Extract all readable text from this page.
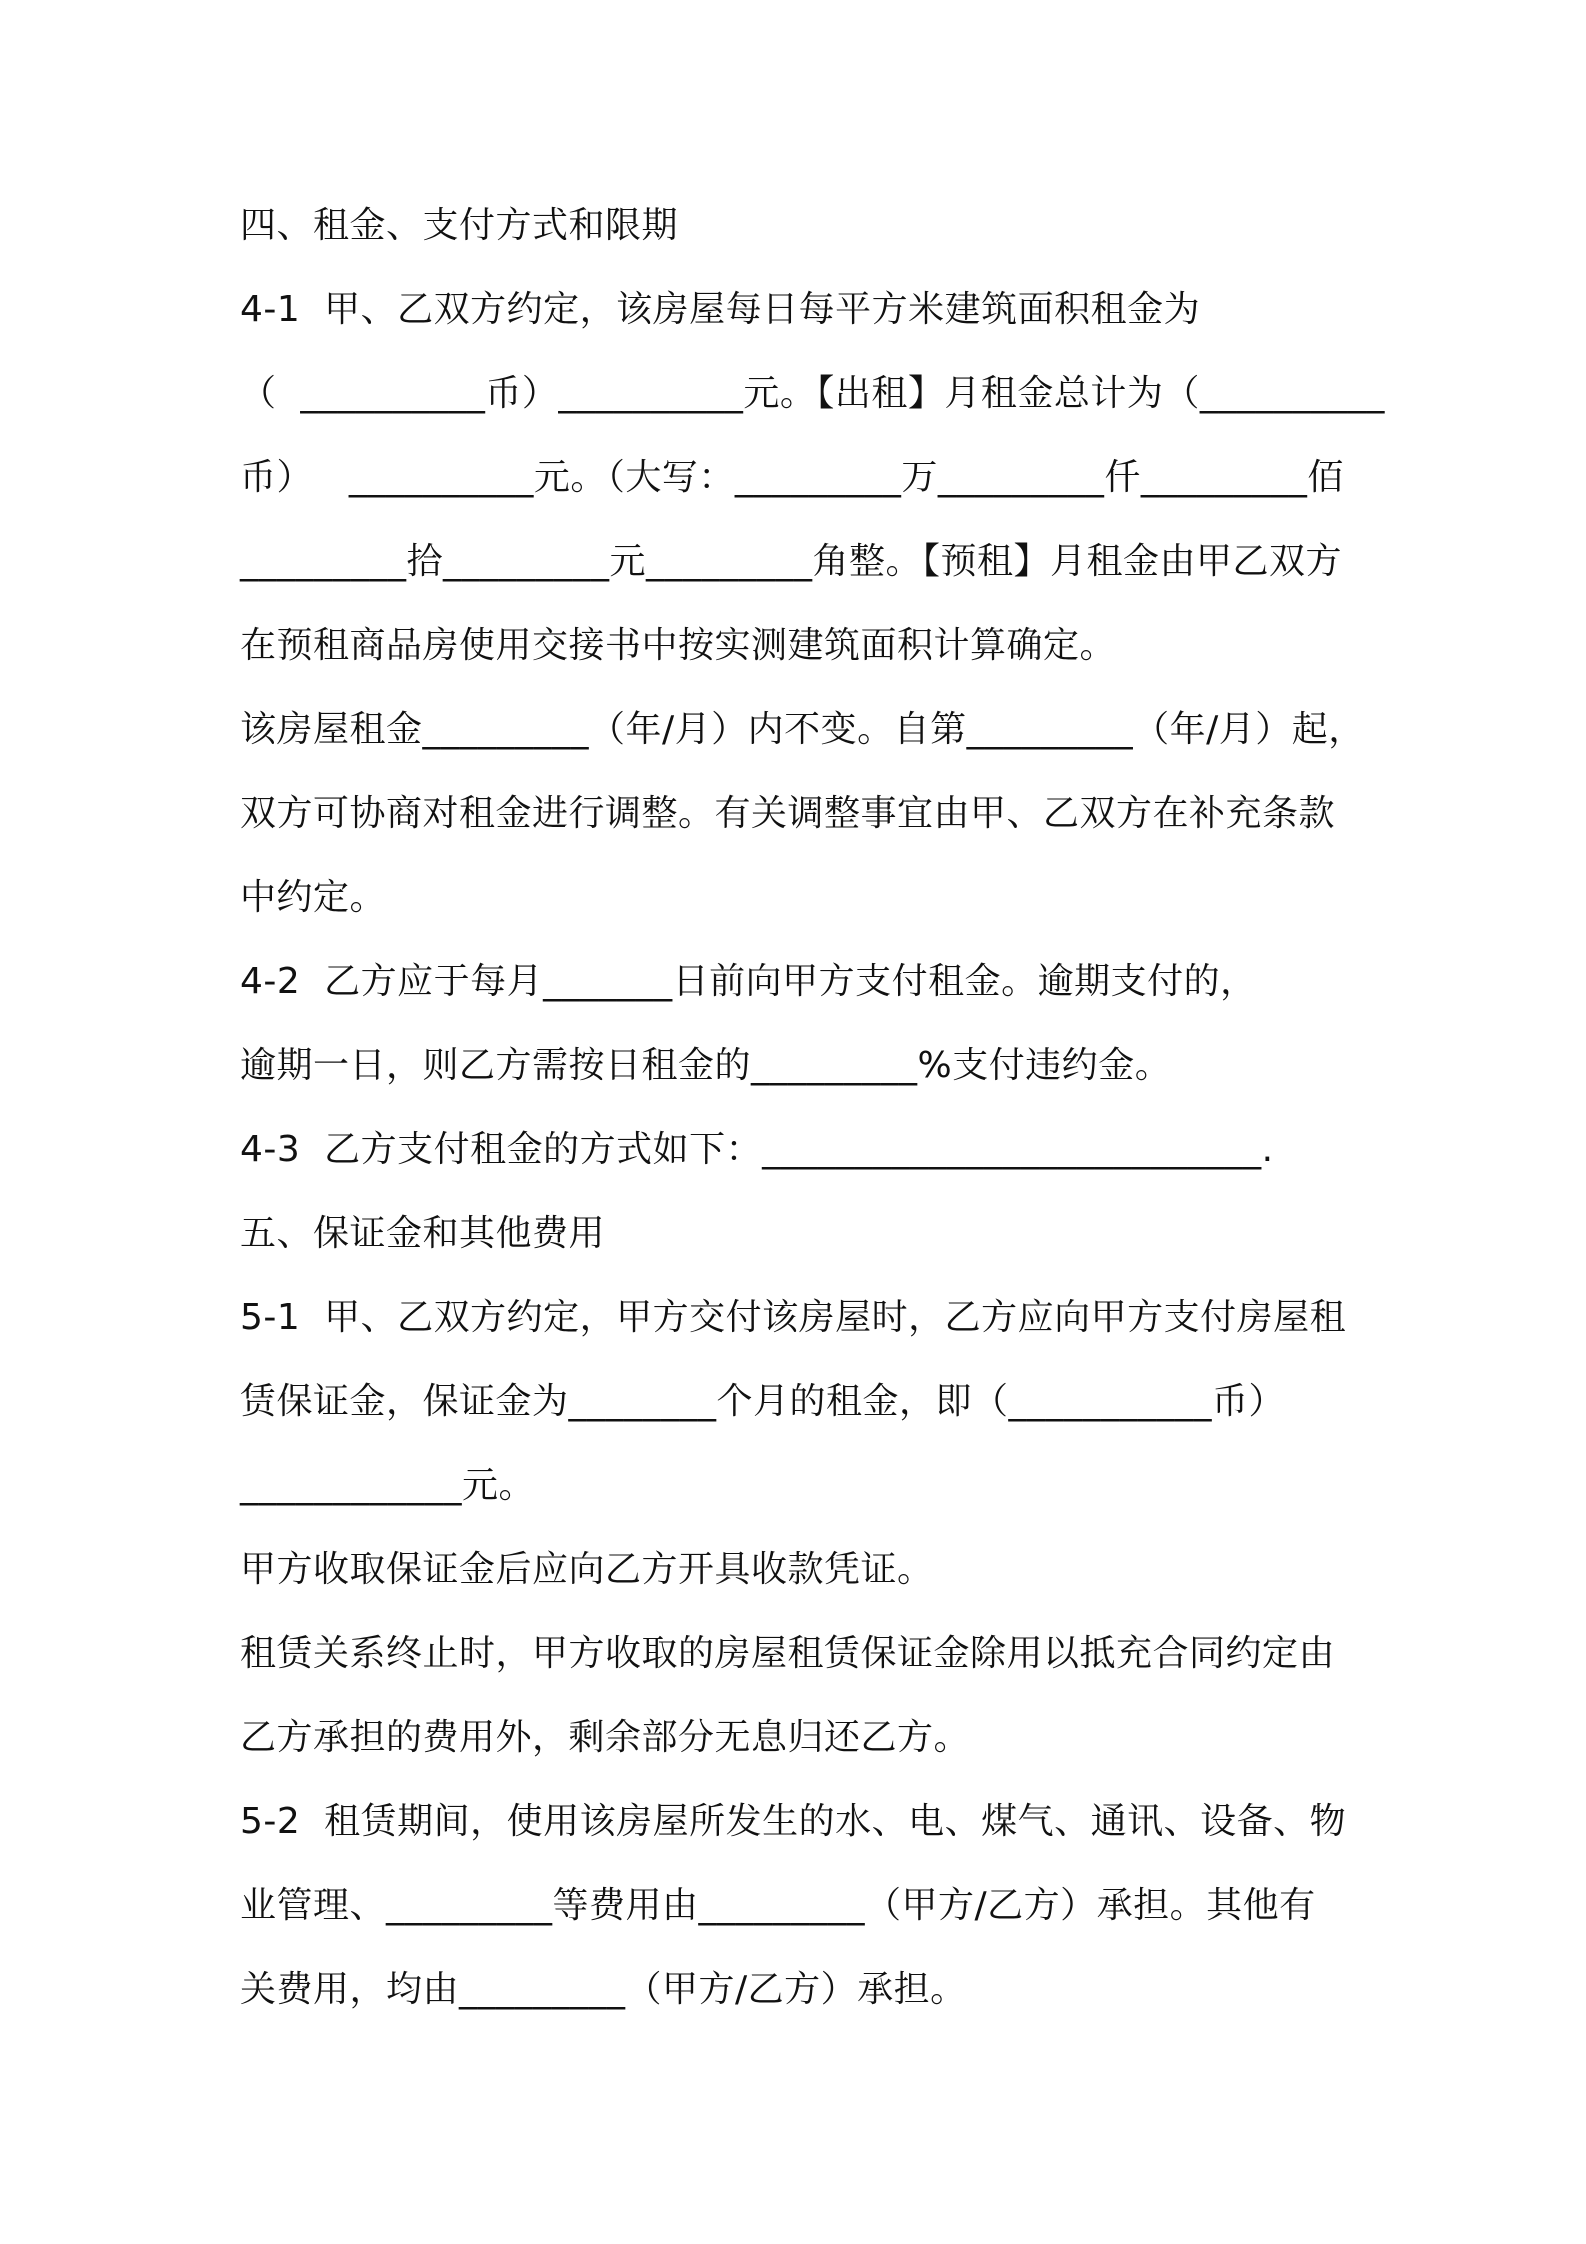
四、租金、支付方式和限期
4-1  甲、乙双方约定，该房屋每日每平方米建筑面积租金为
（  __________币）__________元。【出租】月租金总计为（__________
币）   __________元。（大写：_________万_________仟_________佰
_________拾_________元_________角整。【预租】月租金由甲乙双方
在预租商品房使用交接书中按实测建筑面积计算确定。
该房屋租金_________（年/月）内不变。自第_________（年/月）起，
双方可协商对租金进行调整。有关调整事宜由甲、乙双方在补充条款
中约定。
4-2  乙方应于每月_______日前向甲方支付租金。逾期支付的，
逾期一日，则乙方需按日租金的_________%支付违约金。
4-3  乙方支付租金的方式如下：___________________________.
五、保证金和其他费用
5-1  甲、乙双方约定，甲方交付该房屋时，乙方应向甲方支付房屋租
赁保证金，保证金为________个月的租金，即（___________币）
____________元。
甲方收取保证金后应向乙方开具收款凭证。
租赁关系终止时，甲方收取的房屋租赁保证金除用以抵充合同约定由
乙方承担的费用外，剩余部分无息归还乙方。
5-2  租赁期间，使用该房屋所发生的水、电、煤气、通讯、设备、物
业管理、_________等费用由_________（甲方/乙方）承担。其他有
关费用，均由_________（甲方/乙方）承担。
